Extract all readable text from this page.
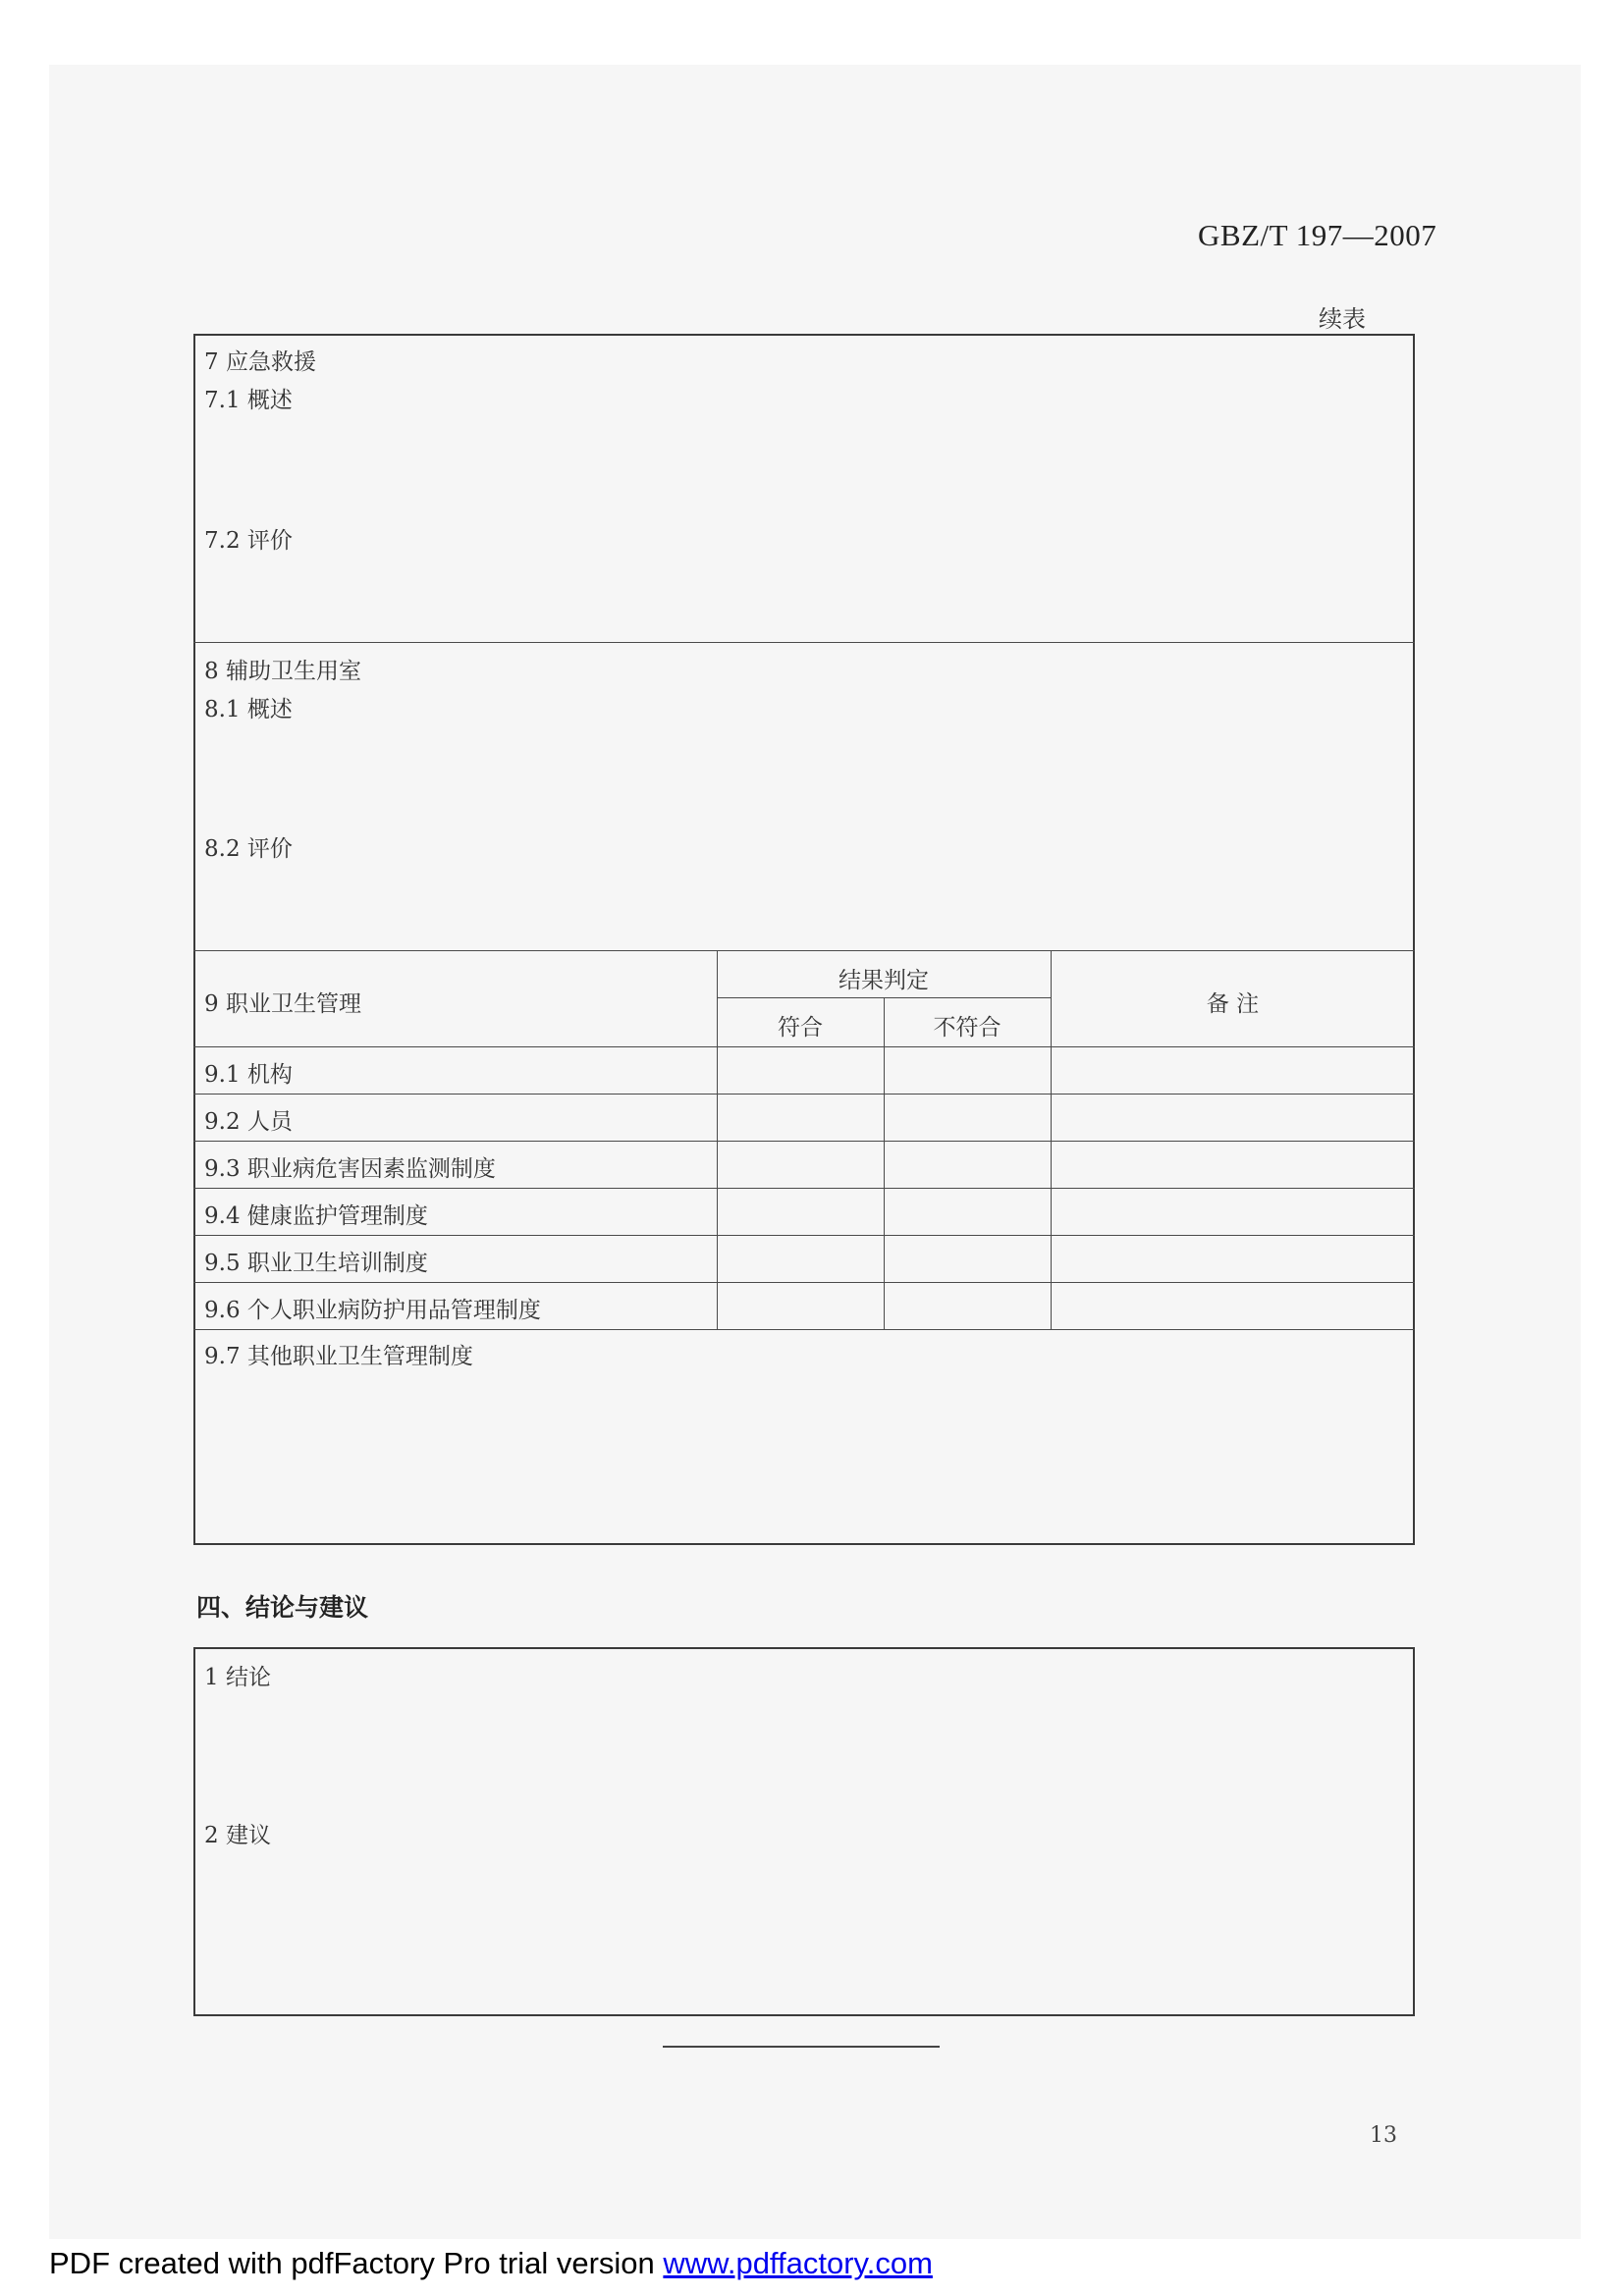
GBZ/T 197—2007
续表
7 应急救援
7.1 概述
7.2 评价
8 辅助卫生用室
8.1 概述
8.2 评价
9 职业卫生管理
结果判定
符合	不符合
备 注
9.1 机构
9.2 人员
9.3 职业病危害因素监测制度
9.4 健康监护管理制度
9.5 职业卫生培训制度
9.6 个人职业病防护用品管理制度
9.7 其他职业卫生管理制度
四、结论与建议
1 结论
2 建议
13
PDF created with pdfFactory Pro trial version www.pdffactory.com
